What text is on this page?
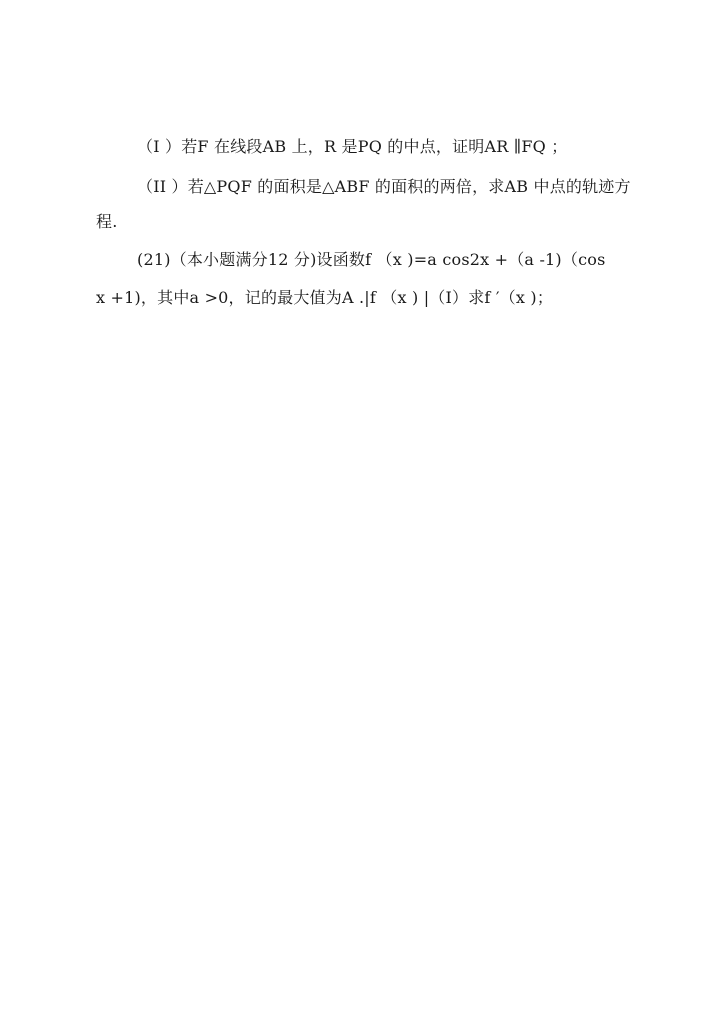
（I ）若F 在线段AB 上，R 是PQ 的中点，证明AR ∥FQ ；
（II ）若△PQF 的面积是△ABF 的面积的两倍，求AB 中点的轨迹方
程.
(21)（本小题满分12 分)设函数f （x )=a cos2x +（a -1)（cos
x +1)，其中a >0，记的最大值为A .|f （x ) |（Ⅰ）求f ′（x )；
